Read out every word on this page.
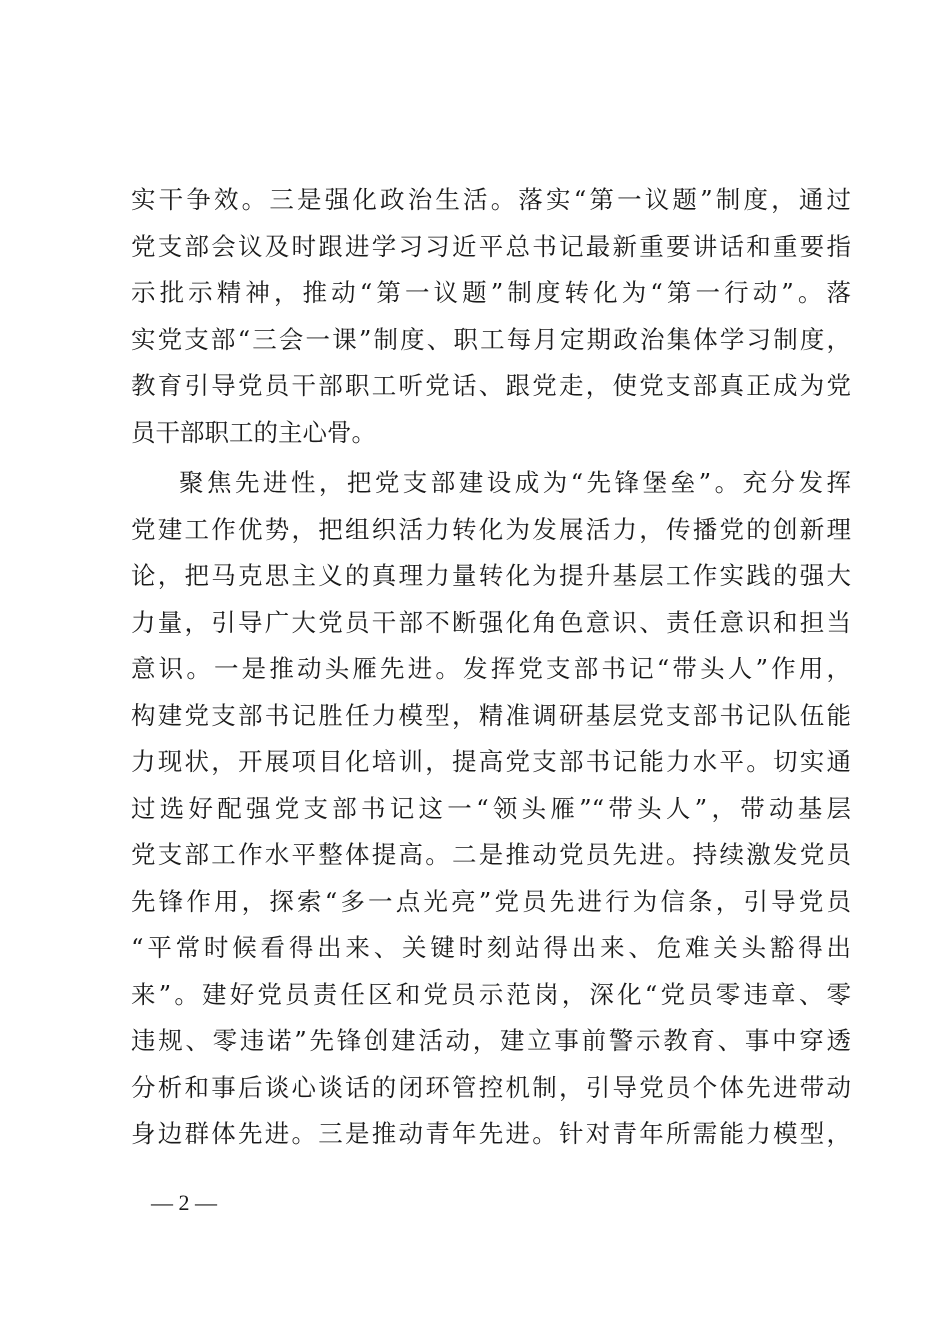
实干争效。三是强化政治生活。落实“第一议题”制度，通过
党支部会议及时跟进学习习近平总书记最新重要讲话和重要指
示批示精神，推动“第一议题”制度转化为“第一行动”。落
实党支部“三会一课”制度、职工每月定期政治集体学习制度，
教育引导党员干部职工听党话、跟党走，使党支部真正成为党
员干部职工的主心骨。
聚焦先进性，把党支部建设成为“先锋堡垒”。充分发挥
党建工作优势，把组织活力转化为发展活力，传播党的创新理
论，把马克思主义的真理力量转化为提升基层工作实践的强大
力量，引导广大党员干部不断强化角色意识、责任意识和担当
意识。一是推动头雁先进。发挥党支部书记“带头人”作用，
构建党支部书记胜任力模型，精准调研基层党支部书记队伍能
力现状，开展项目化培训，提高党支部书记能力水平。切实通
过选好配强党支部书记这一“领头雁”“带头人”，带动基层
党支部工作水平整体提高。二是推动党员先进。持续激发党员
先锋作用，探索“多一点光亮”党员先进行为信条，引导党员
“平常时候看得出来、关键时刻站得出来、危难关头豁得出
来”。建好党员责任区和党员示范岗，深化“党员零违章、零
违规、零违诺”先锋创建活动，建立事前警示教育、事中穿透
分析和事后谈心谈话的闭环管控机制，引导党员个体先进带动
身边群体先进。三是推动青年先进。针对青年所需能力模型，
— 2 —
